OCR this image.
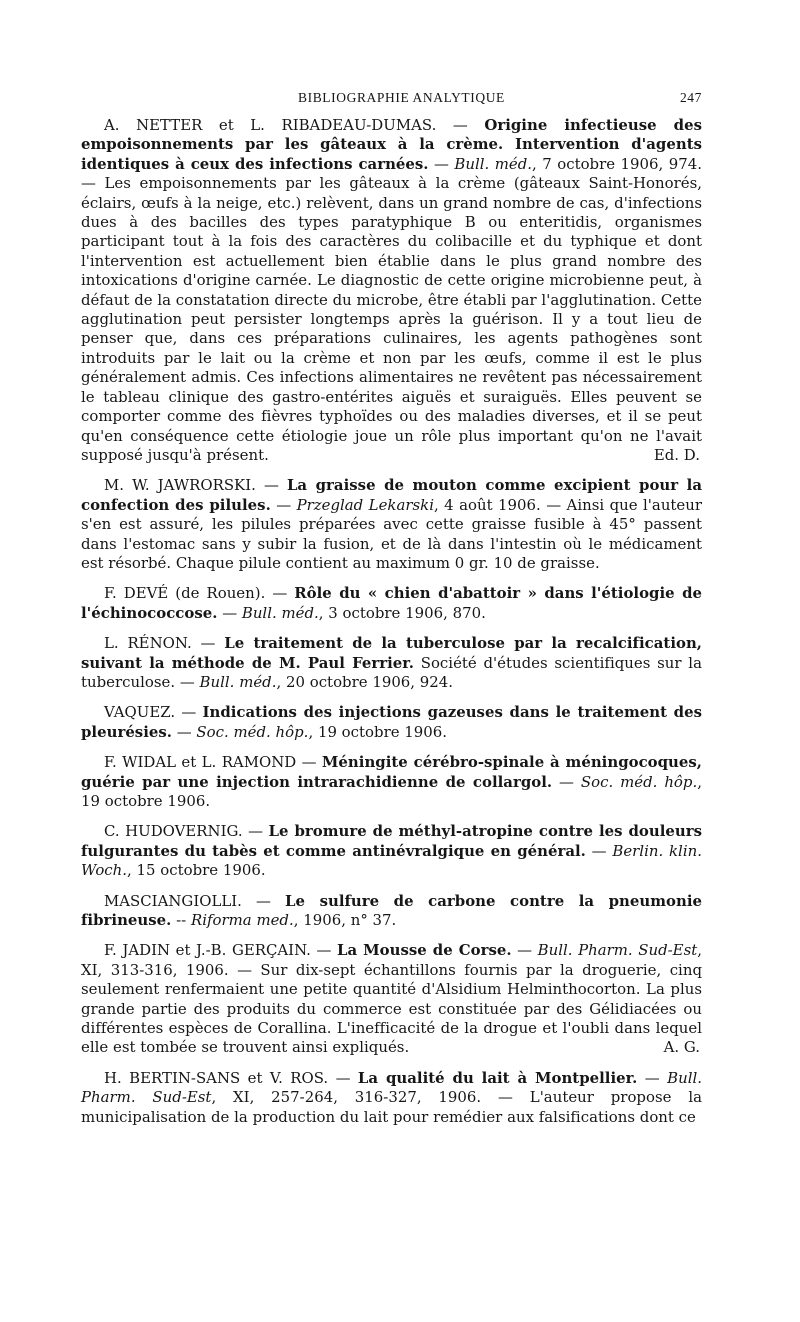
BIBLIOGRAPHIE ANALYTIQUE	247

A. NETTER et L. RIBADEAU-DUMAS. — Origine infectieuse des empoisonnements par les gâteaux à la crème. Intervention d'agents identiques à ceux des infections carnées. — Bull. méd., 7 octobre 1906, 974. — Les empoisonnements par les gâteaux à la crème (gâteaux Saint-Honorés, éclairs, œufs à la neige, etc.) relèvent, dans un grand nombre de cas, d'infections dues à des bacilles des types paratyphique B ou enteritidis, organismes participant tout à la fois des caractères du colibacille et du typhique et dont l'intervention est actuellement bien établie dans le plus grand nombre des intoxications d'origine carnée. Le diagnostic de cette origine microbienne peut, à défaut de la constatation directe du microbe, être établi par l'agglutination. Cette agglutination peut persister longtemps après la guérison. Il y a tout lieu de penser que, dans ces préparations culinaires, les agents pathogènes sont introduits par le lait ou la crème et non par les œufs, comme il est le plus généralement admis. Ces infections alimentaires ne revêtent pas nécessairement le tableau clinique des gastro-entérites aiguës et suraiguës. Elles peuvent se comporter comme des fièvres typhoïdes ou des maladies diverses, et il se peut qu'en conséquence cette étiologie joue un rôle plus important qu'on ne l'avait supposé jusqu'à présent.	Ed. D.

M. W. JAWRORSKI. — La graisse de mouton comme excipient pour la confection des pilules. — Przeglad Lekarski, 4 août 1906. — Ainsi que l'auteur s'en est assuré, les pilules préparées avec cette graisse fusible à 45° passent dans l'estomac sans y subir la fusion, et de là dans l'intestin où le médicament est résorbé. Chaque pilule contient au maximum 0 gr. 10 de graisse.

F. DEVÉ (de Rouen). — Rôle du « chien d'abattoir » dans l'étiologie de l'échinococcose. — Bull. méd., 3 octobre 1906, 870.

L. RÉNON. — Le traitement de la tuberculose par la recalcification, suivant la méthode de M. Paul Ferrier. Société d'études scientifiques sur la tuberculose. — Bull. méd., 20 octobre 1906, 924.

VAQUEZ. — Indications des injections gazeuses dans le traitement des pleurésies. — Soc. méd. hôp., 19 octobre 1906.

F. WIDAL et L. RAMOND — Méningite cérébro-spinale à méningocoques, guérie par une injection intrarachidienne de collargol. — Soc. méd. hôp., 19 octobre 1906.

C. HUDOVERNIG. — Le bromure de méthyl-atropine contre les douleurs fulgurantes du tabès et comme antinévralgique en général. — Berlin. klin. Woch., 15 octobre 1906.

MASCIANGIOLLI. — Le sulfure de carbone contre la pneumonie fibrineuse. -- Riforma med., 1906, n° 37.

F. JADIN et J.-B. GERÇAIN. — La Mousse de Corse. — Bull. Pharm. Sud-Est, XI, 313-316, 1906. — Sur dix-sept échantillons fournis par la droguerie, cinq seulement renfermaient une petite quantité d'Alsidium Helminthocorton. La plus grande partie des produits du commerce est constituée par des Gélidiacées ou différentes espèces de Corallina. L'inefficacité de la drogue et l'oubli dans lequel elle est tombée se trouvent ainsi expliqués.	A. G.

H. BERTIN-SANS et V. ROS. — La qualité du lait à Montpellier. — Bull. Pharm. Sud-Est, XI, 257-264, 316-327, 1906. — L'auteur propose la municipalisation de la production du lait pour remédier aux falsifications dont ce
